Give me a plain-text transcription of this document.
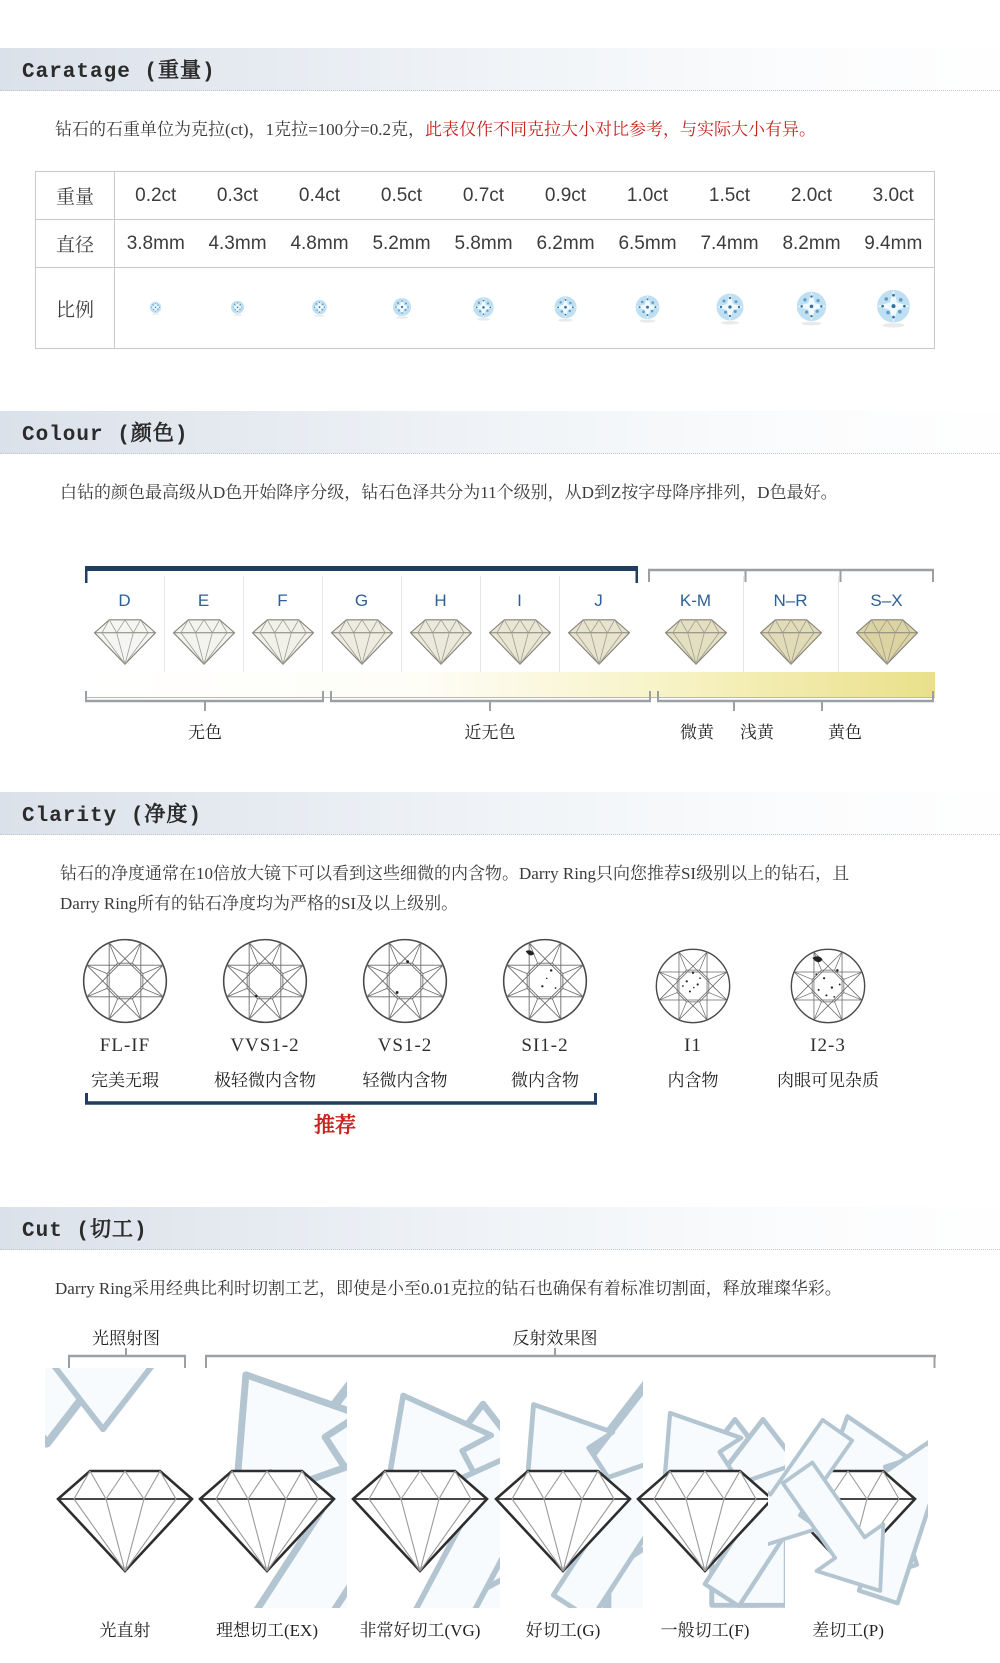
Caratage (重量)

钻石的石重单位为克拉(ct)，1克拉=100分=0.2克，此表仅作不同克拉大小对比参考，与实际大小有异。

重量	0.2ct	0.3ct	0.4ct	0.5ct	0.7ct	0.9ct	1.0ct	1.5ct	2.0ct	3.0ct
直径	3.8mm	4.3mm	4.8mm	5.2mm	5.8mm	6.2mm	6.5mm	7.4mm	8.2mm	9.4mm
比例										
Colour (颜色)

白钻的颜色最高级从D色开始降序分级，钻石色泽共分为11个级别，从D到Z按字母降序排列，D色最好。

D	E	F	G	H	I	J	K-M	N–R	S–X
无色	近无色	微黄 浅黄	黄色
Clarity (净度)

钻石的净度通常在10倍放大镜下可以看到这些细微的内含物。Darry Ring只向您推荐SI级别以上的钻石，且
Darry Ring所有的钻石净度均为严格的SI及以上级别。

FL-IF
完美无瑕
VVS1-2
极轻微内含物
VS1-2
轻微内含物
SI1-2
微内含物
I1
内含物
I2-3
肉眼可见杂质
推荐
Cut (切工)

Darry Ring采用经典比利时切割工艺，即使是小至0.01克拉的钻石也确保有着标准切割面，释放璀璨华彩。

光照射图	反射效果图
光直射	理想切工(EX) 非常好切工(VG)	好切工(G)	一般切工(F)	差切工(P)
